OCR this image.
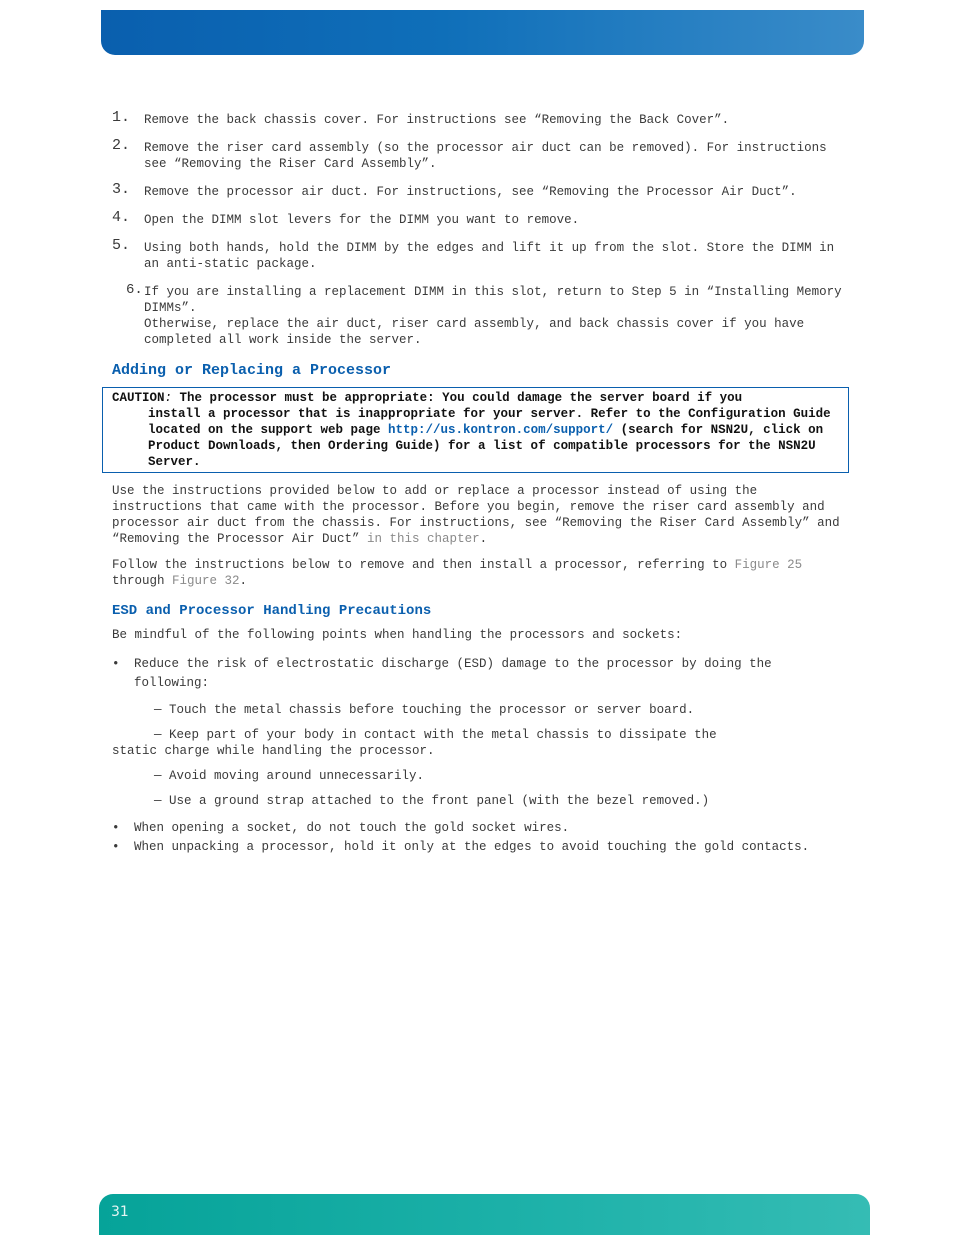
1. Remove the back chassis cover. For instructions see “Removing the Back Cover”.
2. Remove the riser card assembly (so the processor air duct can be removed). For instructions see “Removing the Riser Card Assembly”.
3. Remove the processor air duct. For instructions, see “Removing the Processor Air Duct”.
4. Open the DIMM slot levers for the DIMM you want to remove.
5. Using both hands, hold the DIMM by the edges and lift it up from the slot. Store the DIMM in an anti-static package.
6. If you are installing a replacement DIMM in this slot, return to Step 5 in “Installing Memory DIMMs”.
Otherwise, replace the air duct, riser card assembly, and back chassis cover if you have completed all work inside the server.
Adding or Replacing a Processor
CAUTION: The processor must be appropriate: You could damage the server board if you
install a processor that is inappropriate for your server. Refer to the Configuration Guide located on the support web page http://us.kontron.com/support/ (search for NSN2U, click on Product Downloads, then Ordering Guide) for a list of compatible processors for the NSN2U Server.

Use the instructions provided below to add or replace a processor instead of using the instructions that came with the processor. Before you begin, remove the riser card assembly and processor air duct from the chassis. For instructions, see “Removing the Riser Card Assembly” and “Removing the Processor Air Duct” in this chapter.

Follow the instructions below to remove and then install a processor, referring to Figure 25 through Figure 32.

ESD and Processor Handling Precautions

Be mindful of the following points when handling the processors and sockets:

• Reduce the risk of electrostatic discharge (ESD) damage to the processor by doing the following:
— Touch the metal chassis before touching the processor or server board.
— Keep part of your body in contact with the metal chassis to dissipate the
static charge while handling the processor.
— Avoid moving around unnecessarily.
— Use a ground strap attached to the front panel (with the bezel removed.)
• When opening a socket, do not touch the gold socket wires.
• When unpacking a processor, hold it only at the edges to avoid touching the gold contacts.
31
